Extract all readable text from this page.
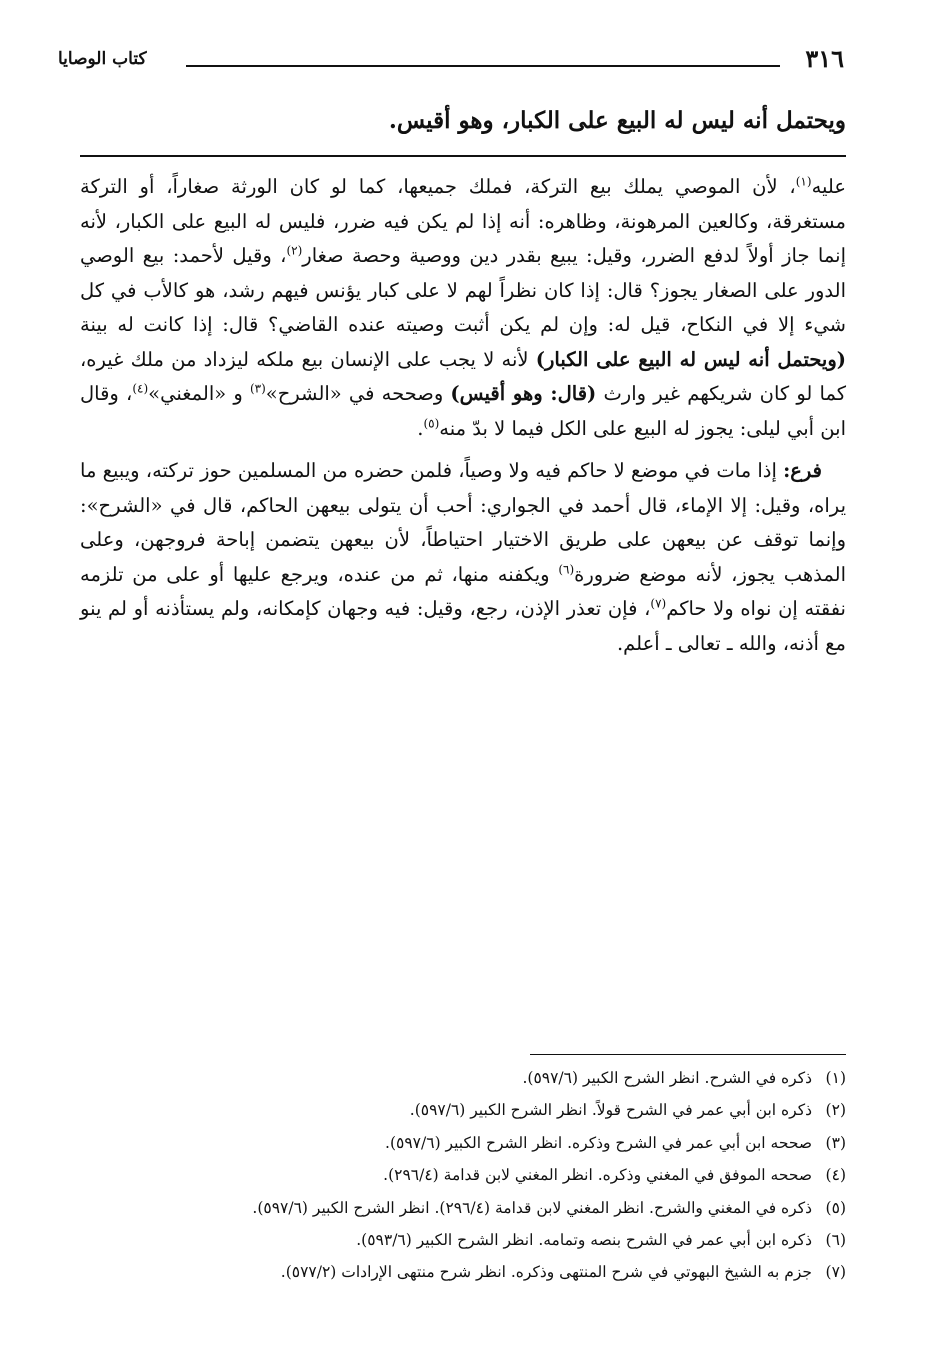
٣١٦
كتاب الوصايا

ويحتمل أنه ليس له البيع على الكبار، وهو أقيس.

عليه$^{(١)}$، لأن الموصي يملك بيع التركة، فملك جميعها، كما لو كان الورثة صغاراً، أو التركة مستغرقة، وكالعين المرهونة، وظاهره: أنه إذا لم يكن فيه ضرر، فليس له البيع على الكبار، لأنه إنما جاز أولاً لدفع الضرر، وقيل: يبيع بقدر دين ووصية وحصة صغار$^{(٢)}$، وقيل لأحمد: بيع الوصي الدور على الصغار يجوز؟ قال: إذا كان نظراً لهم لا على كبار يؤنس فيهم رشد، هو كالأب في كل شيء إلا في النكاح، قيل له: وإن لم يكن أثبت وصيته عنده القاضي؟ قال: إذا كانت له بينة (ويحتمل أنه ليس له البيع على الكبار) لأنه لا يجب على الإنسان بيع ملكه ليزداد من ملك غيره، كما لو كان شريكهم غير وارث (قال: وهو أقيس) وصححه في «الشرح»$^{(٣)}$ و «المغني»$^{(٤)}$، وقال ابن أبي ليلى: يجوز له البيع على الكل فيما لا بدّ منه$^{(٥)}$.

فرع: إذا مات في موضع لا حاكم فيه ولا وصياً، فلمن حضره من المسلمين حوز تركته، ويبيع ما يراه، وقيل: إلا الإماء، قال أحمد في الجواري: أحب أن يتولى بيعهن الحاكم، قال في «الشرح»: وإنما توقف عن بيعهن على طريق الاختيار احتياطاً، لأن بيعهن يتضمن إباحة فروجهن، وعلى المذهب يجوز، لأنه موضع ضرورة$^{(٦)}$ ويكفنه منها، ثم من عنده، ويرجع عليها أو على من تلزمه نفقته إن نواه ولا حاكم$^{(٧)}$، فإن تعذر الإذن، رجع، وقيل: فيه وجهان كإمكانه، ولم يستأذنه أو لم ينو مع أذنه، والله ـ تعالى ـ أعلم.

(١)ذكره في الشرح. انظر الشرح الكبير (٥٩٧/٦).
(٢)ذكره ابن أبي عمر في الشرح قولاً. انظر الشرح الكبير (٥٩٧/٦).
(٣)صححه ابن أبي عمر في الشرح وذكره. انظر الشرح الكبير (٥٩٧/٦).
(٤)صححه الموفق في المغني وذكره. انظر المغني لابن قدامة (٢٩٦/٤).
(٥)ذكره في المغني والشرح. انظر المغني لابن قدامة (٢٩٦/٤). انظر الشرح الكبير (٥٩٧/٦).
(٦)ذكره ابن أبي عمر في الشرح بنصه وتمامه. انظر الشرح الكبير (٥٩٣/٦).
(٧)جزم به الشيخ البهوتي في شرح المنتهى وذكره. انظر شرح منتهى الإرادات (٥٧٧/٢).
